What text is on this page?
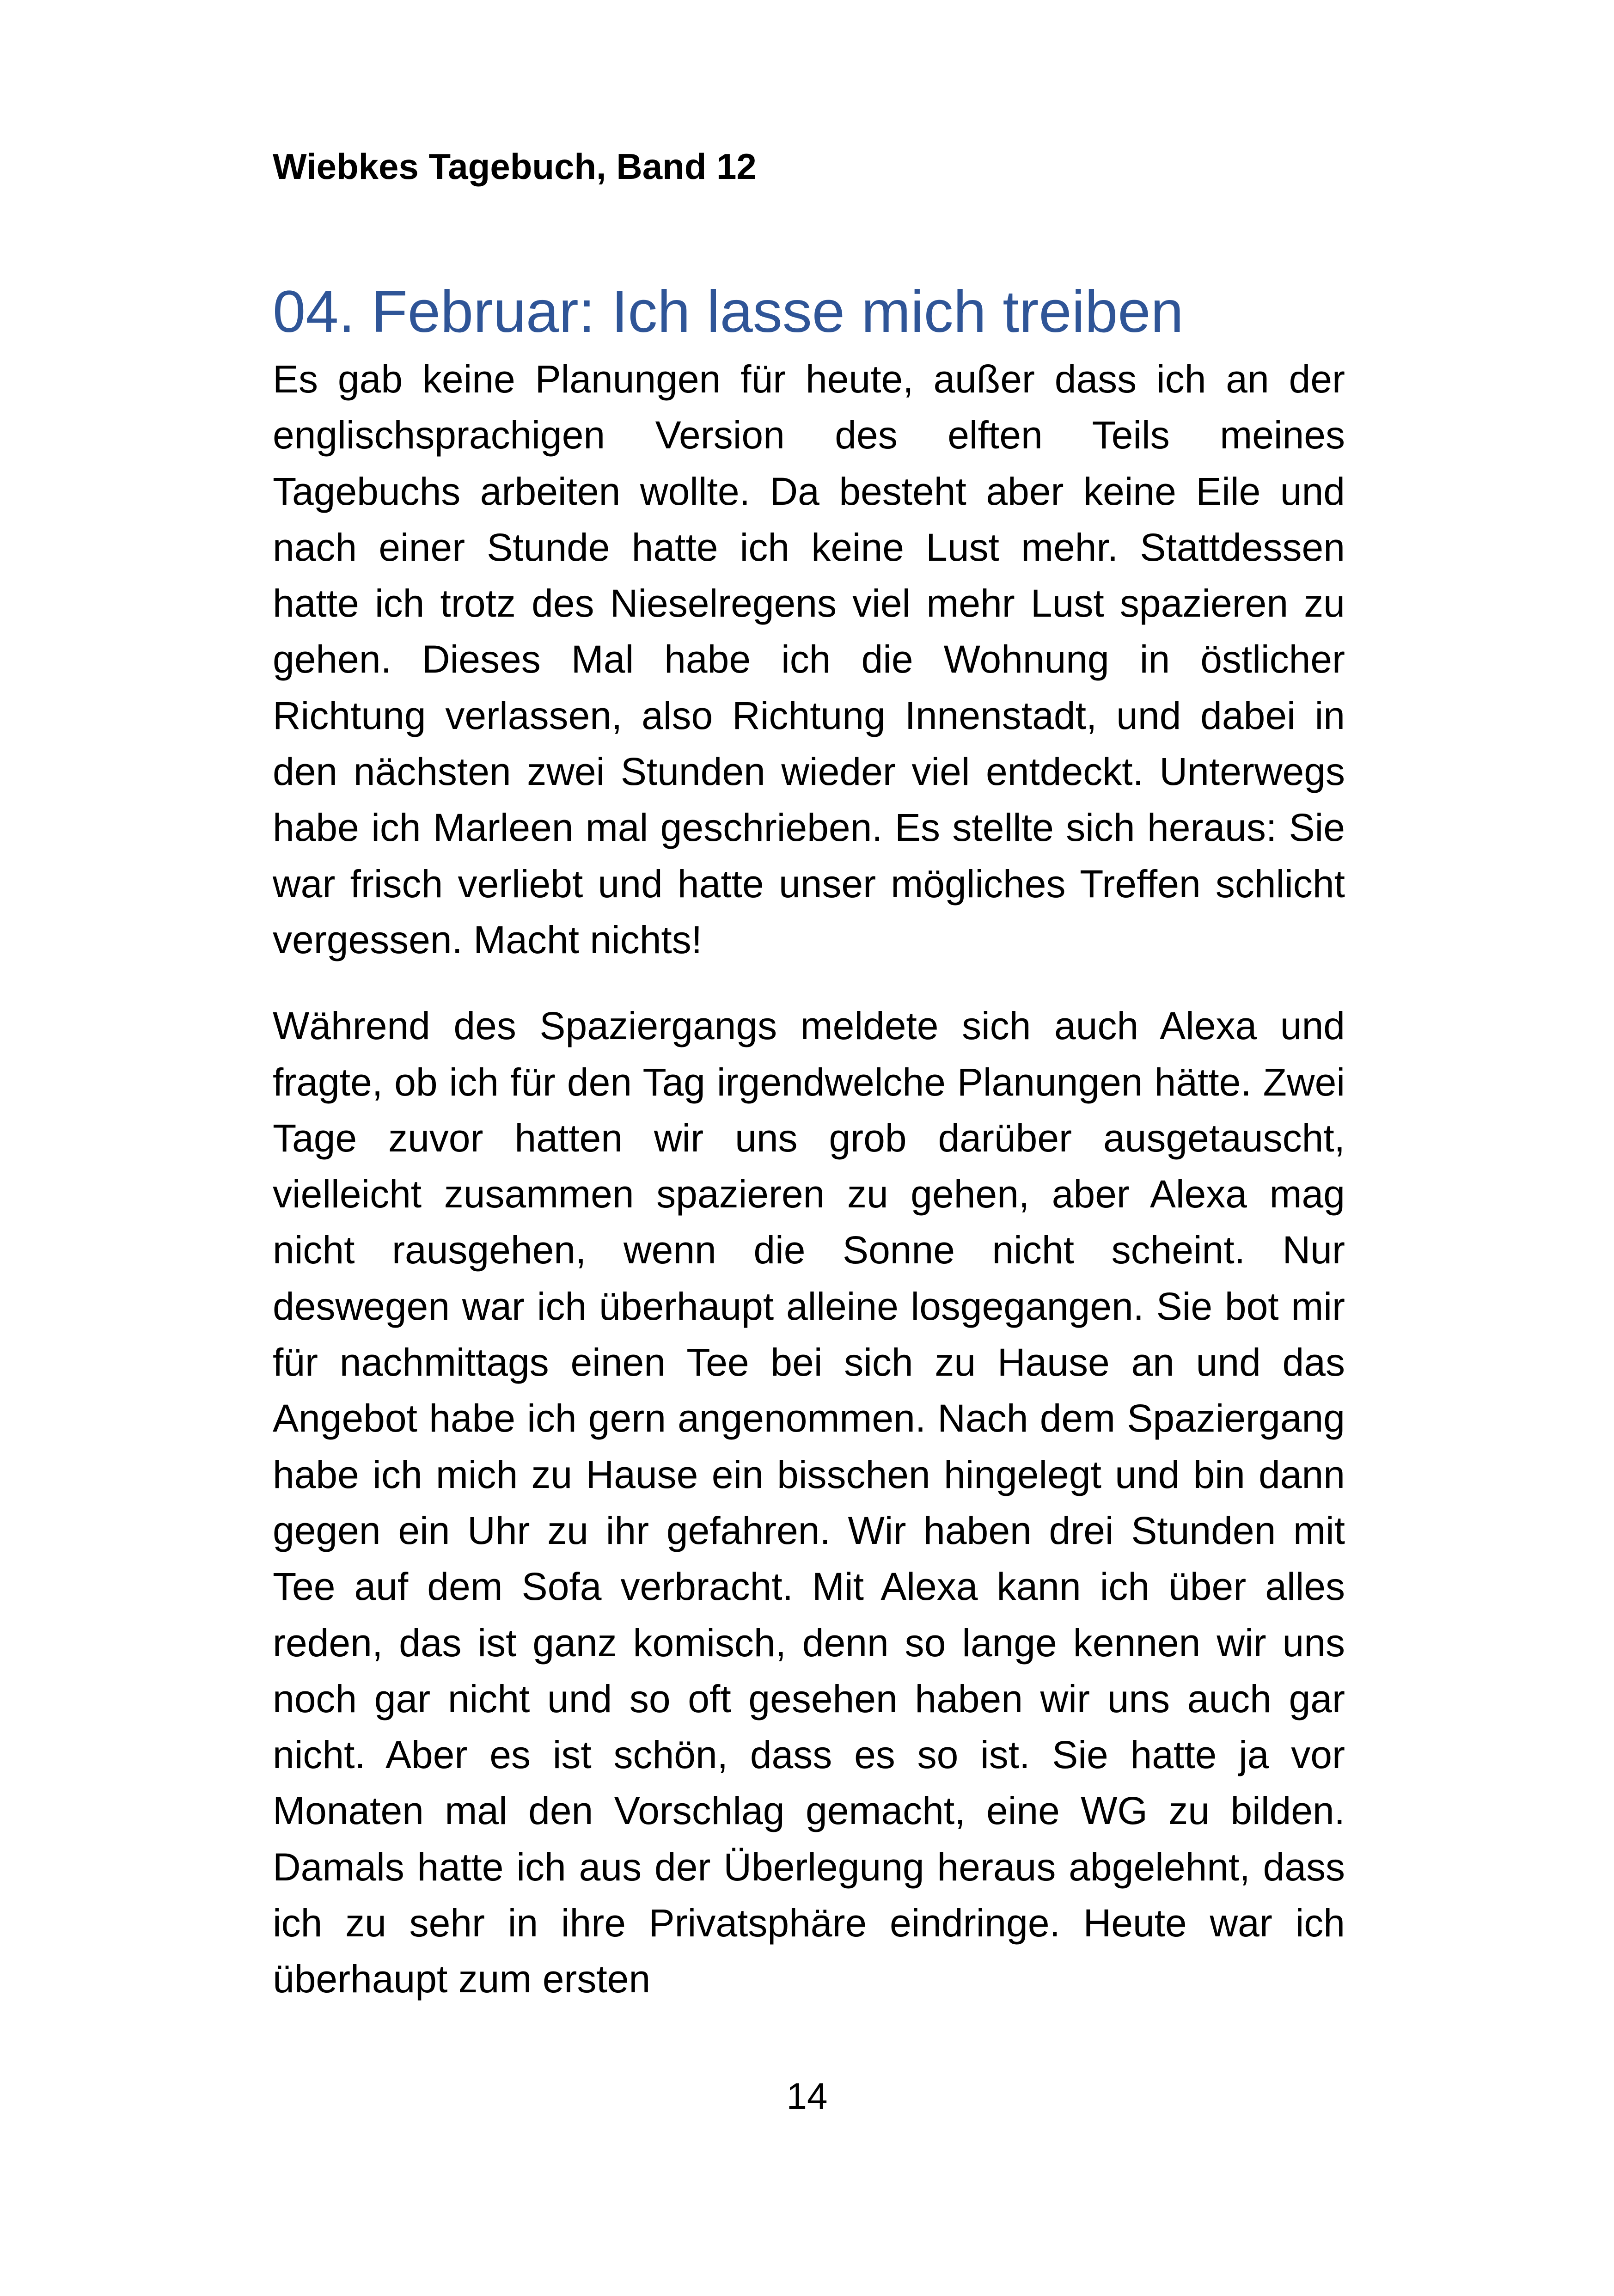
Wiebkes Tagebuch, Band 12

04. Februar: Ich lasse mich treiben

Es gab keine Planungen für heute, außer dass ich an der englischsprachigen Version des elften Teils meines Tagebuchs arbeiten wollte. Da besteht aber keine Eile und nach einer Stunde hatte ich keine Lust mehr. Stattdessen hatte ich trotz des Nieselregens viel mehr Lust spazieren zu gehen. Dieses Mal habe ich die Wohnung in östlicher Richtung verlassen, also Richtung Innenstadt, und dabei in den nächsten zwei Stunden wieder viel entdeckt. Unterwegs habe ich Marleen mal geschrieben. Es stellte sich heraus: Sie war frisch verliebt und hatte unser mögliches Treffen schlicht vergessen. Macht nichts!

Während des Spaziergangs meldete sich auch Alexa und fragte, ob ich für den Tag irgendwelche Planungen hätte. Zwei Tage zuvor hatten wir uns grob darüber ausgetauscht, vielleicht zusammen spazieren zu gehen, aber Alexa mag nicht rausgehen, wenn die Sonne nicht scheint. Nur deswegen war ich überhaupt alleine losgegangen. Sie bot mir für nachmittags einen Tee bei sich zu Hause an und das Angebot habe ich gern angenommen. Nach dem Spaziergang habe ich mich zu Hause ein bisschen hingelegt und bin dann gegen ein Uhr zu ihr gefahren. Wir haben drei Stunden mit Tee auf dem Sofa verbracht. Mit Alexa kann ich über alles reden, das ist ganz komisch, denn so lange kennen wir uns noch gar nicht und so oft gesehen haben wir uns auch gar nicht. Aber es ist schön, dass es so ist. Sie hatte ja vor Monaten mal den Vorschlag gemacht, eine WG zu bilden. Damals hatte ich aus der Überlegung heraus abgelehnt, dass ich zu sehr in ihre Privatsphäre eindringe. Heute war ich überhaupt zum ersten

14
